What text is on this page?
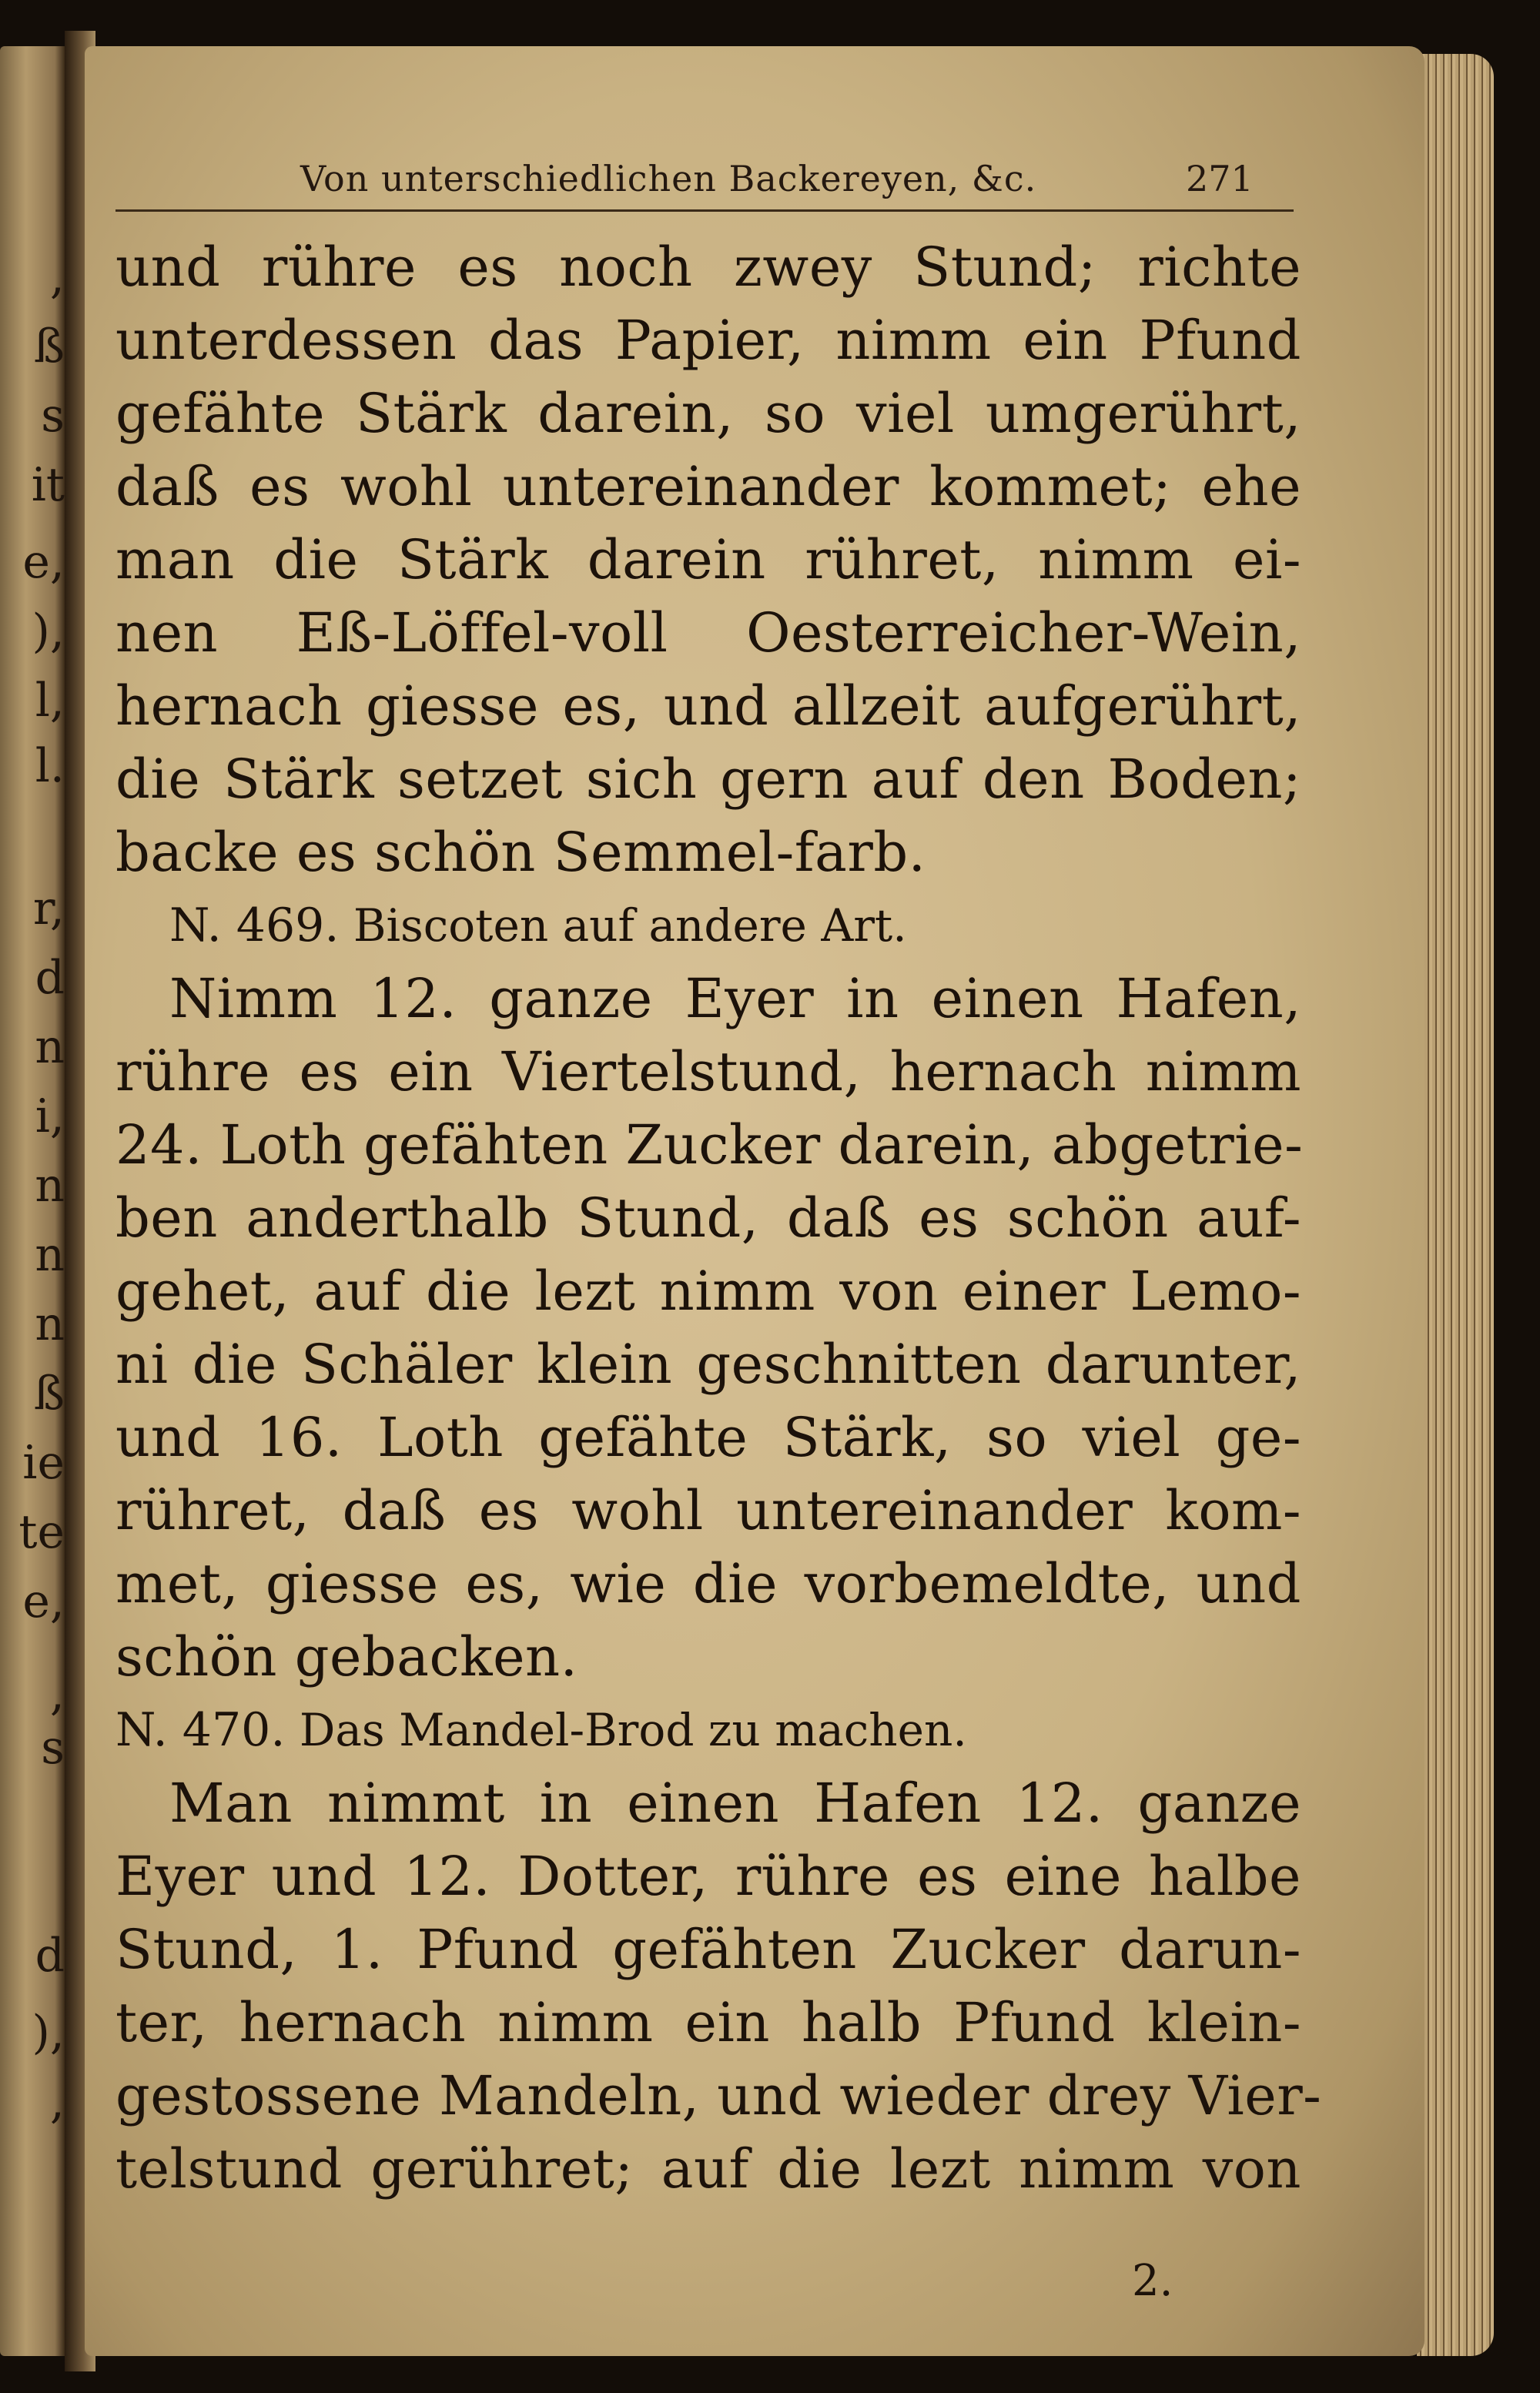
,
ß
s
it
e,
),
l,
l.
r,
d
n
i,
n
n
n
ß
ie
te
e,
,
s
d
),
,
Von unterschiedlichen Backereyen, &c.	271
und rühre es noch zwey Stund; richte
unterdessen das Papier, nimm ein Pfund
gefähte Stärk darein, so viel umgerührt,
daß es wohl untereinander kommet; ehe
man die Stärk darein rühret, nimm ei-
nen Eß-Löffel-voll Oesterreicher-Wein,
hernach giesse es, und allzeit aufgerührt,
die Stärk setzet sich gern auf den Boden;
backe es schön Semmel-farb.
N. 469. Biscoten auf andere Art.
Nimm 12. ganze Eyer in einen Hafen,
rühre es ein Viertelstund, hernach nimm
24. Loth gefähten Zucker darein, abgetrie-
ben anderthalb Stund, daß es schön auf-
gehet, auf die lezt nimm von einer Lemo-
ni die Schäler klein geschnitten darunter,
und 16. Loth gefähte Stärk, so viel ge-
rühret, daß es wohl untereinander kom-
met, giesse es, wie die vorbemeldte, und
schön gebacken.
N. 470. Das Mandel-Brod zu machen.
Man nimmt in einen Hafen 12. ganze
Eyer und 12. Dotter, rühre es eine halbe
Stund, 1. Pfund gefähten Zucker darun-
ter, hernach nimm ein halb Pfund klein-
gestossene Mandeln, und wieder drey Vier-
telstund gerühret; auf die lezt nimm von
2.
